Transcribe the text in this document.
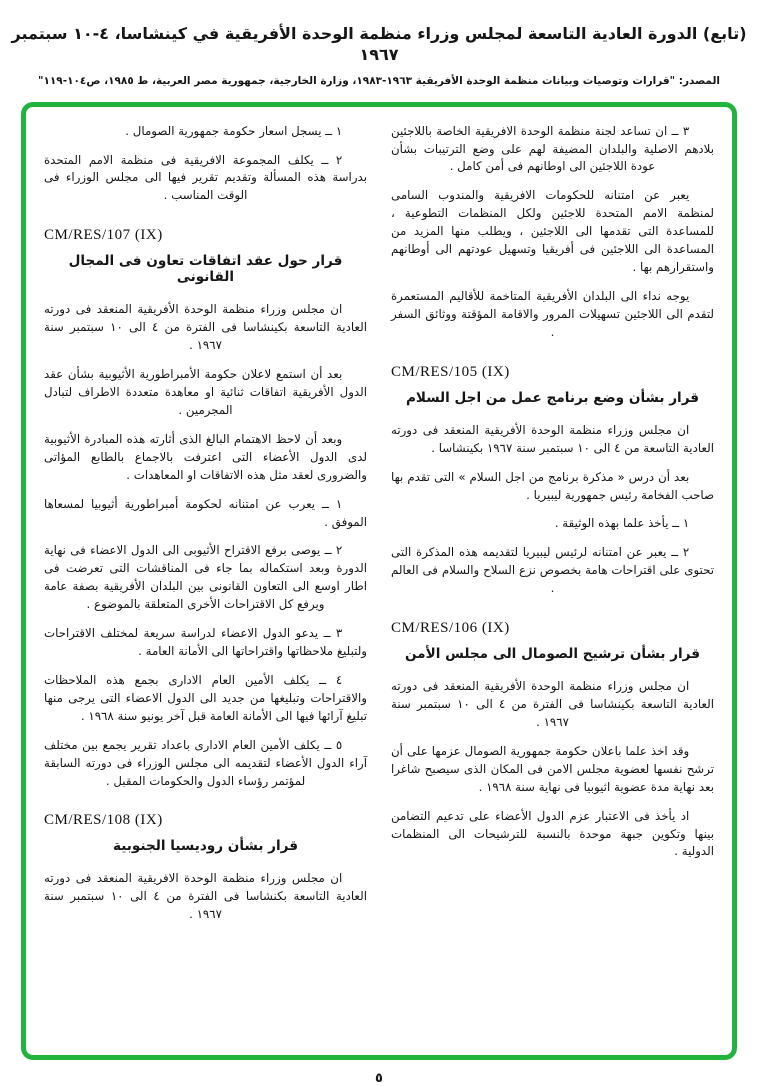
(تابع) الدورة العادية التاسعة لمجلس وزراء منظمة الوحدة الأفريقية في كينشاسا، ٤-١٠ سبتمبر ١٩٦٧
المصدر: "قرارات وتوصيات وبيانات منظمة الوحدة الأفريقية ١٩٦٣-١٩٨٣، وزارة الخارجية، جمهورية مصر العربية، ط ١٩٨٥، ص١٠٤-١١٩"

٣ ــ ان تساعد لجنة منظمة الوحدة الافريقية الخاصة باللاجئين بلادهم الاصلية والبلدان المضيفة لهم على وضع الترتيبات بشأن عودة اللاجئين الى اوطانهم فى أمن كامل .

يعبر عن امتنانه للحكومات الافريقية والمندوب السامى لمنظمة الامم المتحدة للاجئين ولكل المنظمات التطوعية ، للمساعدة التى تقدمها الى اللاجئين ، ويطلب منها المزيد من المساعدة الى اللاجئين فى أفريقيا وتسهيل عودتهم الى أوطانهم واستقرارهم بها .

يوجه نداء الى البلدان الأفريقية المتاخمة للأقاليم المستعمرة لتقدم الى اللاجئين تسهيلات المرور والاقامة المؤقتة ووثائق السفر .

CM/RES/105 (IX)
قرار بشأن وضع برنامج عمل من اجل السلام

ان مجلس وزراء منظمة الوحدة الأفريقية المنعقد فى دورته العادية التاسعة من ٤ الى ١٠ سبتمبر سنة ١٩٦٧ بكينشاسا .

بعد أن درس « مذكرة برنامج من اجل السلام » التى تقدم بها صاحب الفخامة رئيس جمهورية ليبيريا .

١ ــ يأخذ علما بهذه الوثيقة .

٢ ــ يعبر عن امتنانه لرئيس ليبيريا لتقديمه هذه المذكرة التى تحتوى على اقتراحات هامة بخصوص نزع السلاح والسلام فى العالم .

CM/RES/106 (IX)
قرار بشأن ترشيح الصومال الى مجلس الأمن

ان مجلس وزراء منظمة الوحدة الأفريقية المنعقد فى دورته العادية التاسعة بكينشاسا فى الفترة من ٤ الى ١٠ سبتمبر سنة ١٩٦٧ .

وقد اخذ علما باعلان حكومة جمهورية الصومال عزمها على أن ترشح نفسها لعضوية مجلس الامن فى المكان الذى سيصبح شاغرا بعد نهاية مدة عضوية اثيوبيا فى نهاية سنة ١٩٦٨ .

اد يأخذ فى الاعتبار عزم الدول الأعضاء على تدعيم التضامن بينها وتكوين جبهة موحدة بالنسبة للترشيحات الى المنظمات الدولية .

١ ــ يسجل اسعار حكومة جمهورية الصومال .

٢ ــ يكلف المجموعة الافريقية فى منظمة الامم المتحدة بدراسة هذه المسألة وتقديم تقرير فيها الى مجلس الوزراء فى الوقت المناسب .

CM/RES/107 (IX)
قرار حول عقد اتفاقات تعاون فى المجال القانونى

ان مجلس وزراء منظمة الوحدة الأفريقية المنعقد فى دورته العادية التاسعة بكينشاسا فى الفترة من ٤ الى ١٠ سبتمبر سنة ١٩٦٧ .

بعد أن استمع لاعلان حكومة الأمبراطورية الأثيوبية بشأن عقد الدول الأفريقية اتفاقات ثنائية او معاهدة متعددة الاطراف لتبادل المجرمين .

وبعد أن لاحظ الاهتمام البالغ الذى أثارته هذه المبادرة الأثيوبية لدى الدول الأعضاء التى اعترفت بالاجماع بالطابع المؤاتى والضرورى لعقد مثل هذه الاتفاقات او المعاهدات .

١ ــ يعرب عن امتنانه لحكومة أمبراطورية أثيوبيا لمسعاها الموفق .

٢ ــ يوصى برفع الاقتراح الأثيوبى الى الدول الاعضاء فى نهاية الدورة وبعد استكماله بما جاء فى المناقشات التى تعرضت فى اطار اوسع الى التعاون القانونى بين البلدان الأفريقية بصفة عامة ويرفع كل الاقتراحات الأخرى المتعلقة بالموضوع .

٣ ــ يدعو الدول الاعضاء لدراسة سريعة لمختلف الاقتراحات ولتبليغ ملاحظاتها واقتراحاتها الى الأمانة العامة .

٤ ــ يكلف الأمين العام الادارى بجمع هذه الملاحظات والاقتراحات وتبليغها من جديد الى الدول الاعضاء التى يرجى منها تبليغ آرائها فيها الى الأمانة العامة قبل آخر يونيو سنة ١٩٦٨ .

٥ ــ يكلف الأمين العام الادارى باعداد تقرير يجمع بين مختلف آراء الدول الأعضاء لتقديمه الى مجلس الوزراء فى دورته السابقة لمؤتمر رؤساء الدول والحكومات المقبل .

CM/RES/108 (IX)
قرار بشأن روديسيا الجنوبية

ان مجلس وزراء منظمة الوحدة الافريقية المنعقد فى دورته العادية التاسعة بكنشاسا فى الفترة من ٤ الى ١٠ سبتمبر سنة ١٩٦٧ .

٥
